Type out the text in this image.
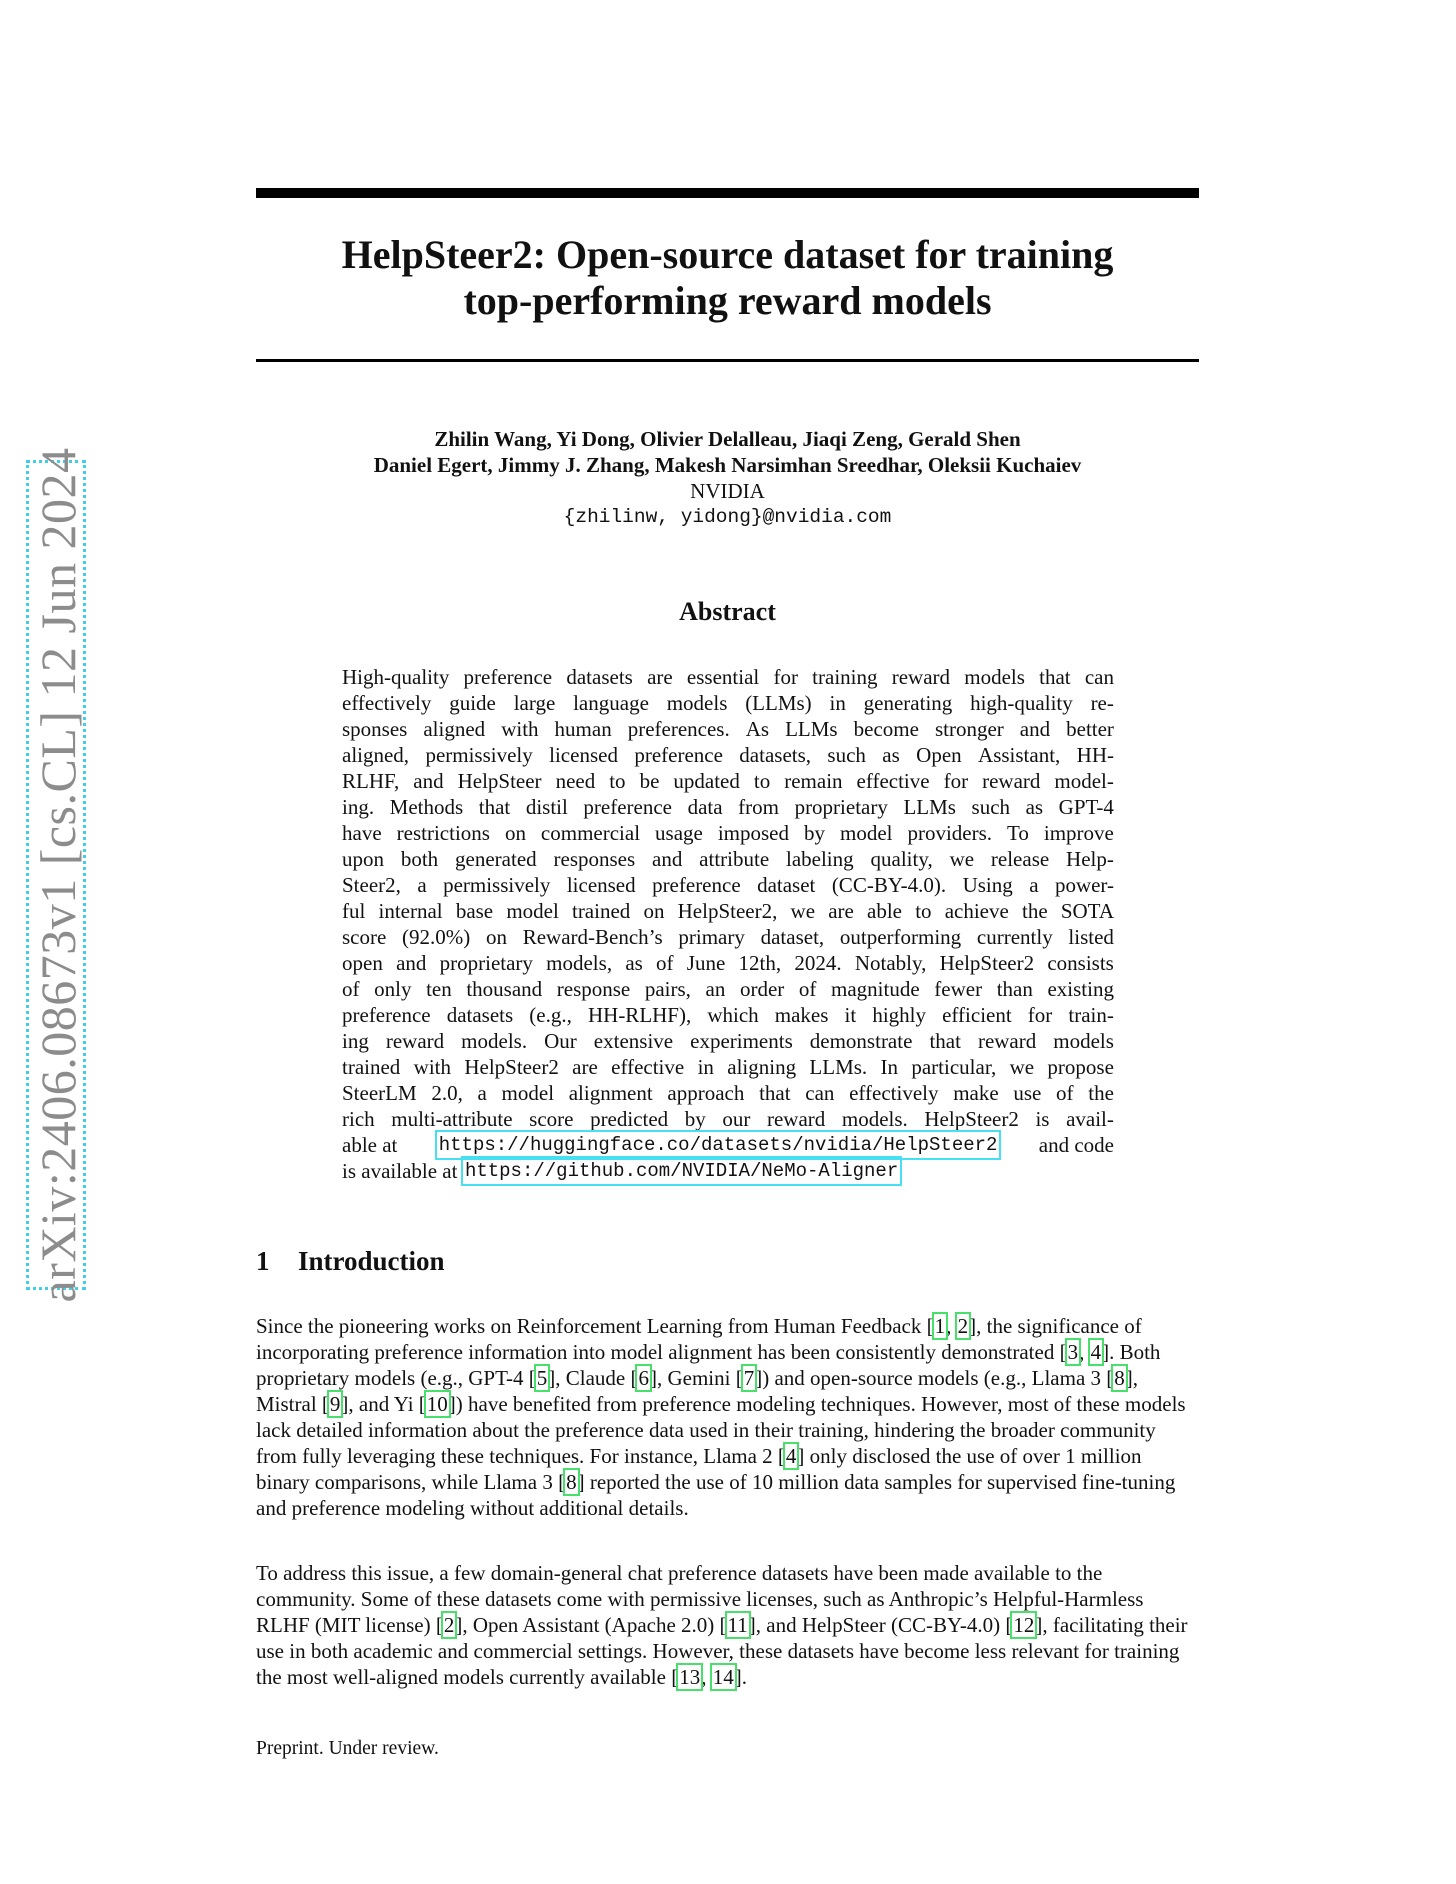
arXiv:2406.08673v1 [cs.CL] 12 Jun 2024
HelpSteer2: Open-source dataset for training
top-performing reward models
Zhilin Wang, Yi Dong, Olivier Delalleau, Jiaqi Zeng, Gerald Shen
Daniel Egert, Jimmy J. Zhang, Makesh Narsimhan Sreedhar, Oleksii Kuchaiev
NVIDIA
{zhilinw, yidong}@nvidia.com
Abstract
High-quality preference datasets are essential for training reward models that can
effectively guide large language models (LLMs) in generating high-quality re-
sponses aligned with human preferences. As LLMs become stronger and better
aligned, permissively licensed preference datasets, such as Open Assistant, HH-
RLHF, and HelpSteer need to be updated to remain effective for reward model-
ing. Methods that distil preference data from proprietary LLMs such as GPT-4
have restrictions on commercial usage imposed by model providers. To improve
upon both generated responses and attribute labeling quality, we release Help-
Steer2, a permissively licensed preference dataset (CC-BY-4.0). Using a power-
ful internal base model trained on HelpSteer2, we are able to achieve the SOTA
score (92.0%) on Reward-Bench’s primary dataset, outperforming currently listed
open and proprietary models, as of June 12th, 2024. Notably, HelpSteer2 consists
of only ten thousand response pairs, an order of magnitude fewer than existing
preference datasets (e.g., HH-RLHF), which makes it highly efficient for train-
ing reward models. Our extensive experiments demonstrate that reward models
trained with HelpSteer2 are effective in aligning LLMs. In particular, we propose
SteerLM 2.0, a model alignment approach that can effectively make use of the
rich multi-attribute score predicted by our reward models. HelpSteer2 is avail-
able at https://huggingface.co/datasets/nvidia/HelpSteer2 and code
is available at https://github.com/NVIDIA/NeMo-Aligner
1 Introduction
Since the pioneering works on Reinforcement Learning from Human Feedback [1, 2], the significance of incorporating preference information into model alignment has been consistently demonstrated [3, 4]. Both proprietary models (e.g., GPT-4 [5], Claude [6], Gemini [7]) and open-source models (e.g., Llama 3 [8], Mistral [9], and Yi [10]) have benefited from preference modeling techniques. However, most of these models lack detailed information about the preference data used in their training, hindering the broader community from fully leveraging these techniques. For instance, Llama 2 [4] only disclosed the use of over 1 million binary comparisons, while Llama 3 [8] reported the use of 10 million data samples for supervised fine-tuning and preference modeling without additional details.
To address this issue, a few domain-general chat preference datasets have been made available to the community. Some of these datasets come with permissive licenses, such as Anthropic’s Helpful-Harmless RLHF (MIT license) [2], Open Assistant (Apache 2.0) [11], and HelpSteer (CC-BY-4.0) [12], facilitating their use in both academic and commercial settings. However, these datasets have become less relevant for training the most well-aligned models currently available [13, 14].
Preprint. Under review.
